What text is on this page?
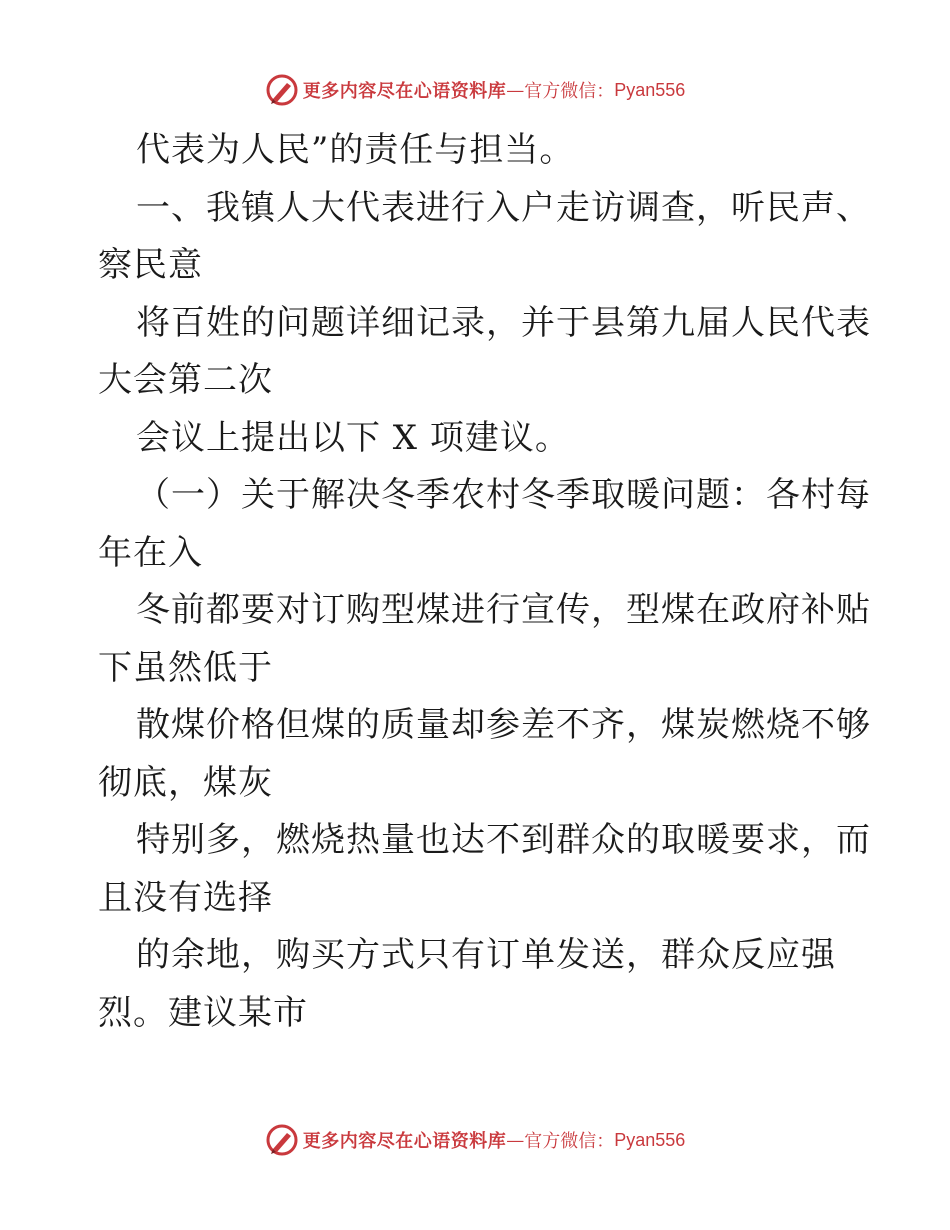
更多内容尽在心语资料库 — 官方微信： Pyan556
代表为人民”的责任与担当。
一、我镇人大代表进行入户走访调查，听民声、
察民意
将百姓的问题详细记录，并于县第九届人民代表
大会第二次
会议上提出以下 X 项建议。
（一）关于解决冬季农村冬季取暖问题：各村每
年在入
冬前都要对订购型煤进行宣传，型煤在政府补贴
下虽然低于
散煤价格但煤的质量却参差不齐，煤炭燃烧不够
彻底，煤灰
特别多，燃烧热量也达不到群众的取暖要求，而
且没有选择
的余地，购买方式只有订单发送，群众反应强
烈。建议某市
更多内容尽在心语资料库 — 官方微信： Pyan556
